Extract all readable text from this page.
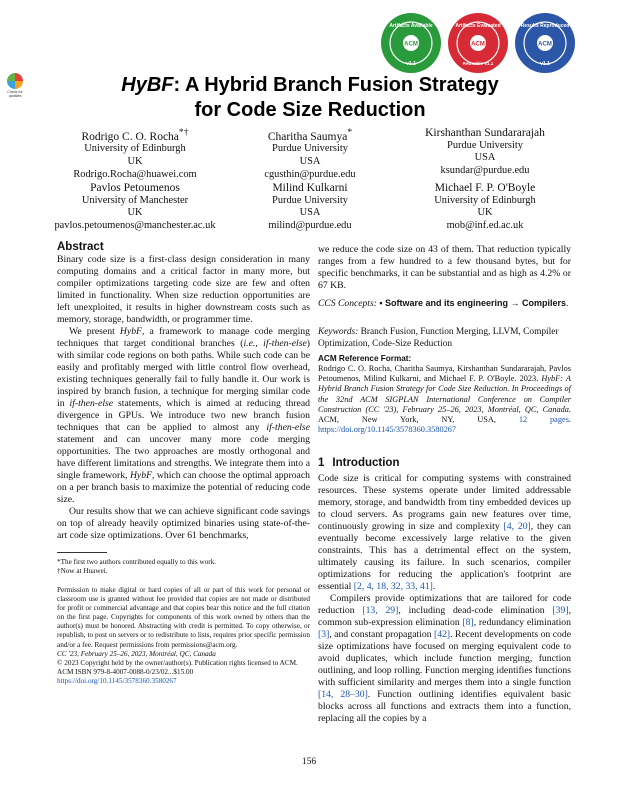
ACM
Artifacts Available
v1.1
ACM
Artifacts Evaluated
Reusable v1.1
ACM
Results Reproduced
v1.1
Check for
updates	HyBF: A Hybrid Branch Fusion Strategy
for Code Size Reduction
Rodrigo C. O. Rocha*†
University of Edinburgh
UK
Rodrigo.Rocha@huawei.com
Charitha Saumya*
Purdue University
USA
cgusthin@purdue.edu
Kirshanthan Sundararajah
Purdue University
USA
ksundar@purdue.edu
Pavlos Petoumenos
University of Manchester
UK
pavlos.petoumenos@manchester.ac.uk
Milind Kulkarni
Purdue University
USA
milind@purdue.edu
Michael F. P. O'Boyle
University of Edinburgh
UK
mob@inf.ed.ac.uk
Abstract

Binary code size is a first-class design consideration in many computing domains and a critical factor in many more, but compiler optimizations targeting code size are few and often limited in functionality. When size reduction opportunities are left unexploited, it results in higher downstream costs such as memory, storage, bandwidth, or programmer time.

We present HybF, a framework to manage code merging techniques that target conditional branches (i.e., if-then-else) with similar code regions on both paths. While such code can be easily and profitably merged with little control flow overhead, existing techniques generally fail to fully handle it. Our work is inspired by branch fusion, a technique for merging similar code in if-then-else statements, which is aimed at reducing thread divergence in GPUs. We introduce two new branch fusion techniques that can be applied to almost any if-then-else statement and can uncover many more code merging opportunities. The two approaches are mostly orthogonal and have different limitations and strengths. We integrate them into a single framework, HybF, which can choose the optimal approach on a per branch basis to maximize the potential of reducing code size.

Our results show that we can achieve significant code savings on top of already heavily optimized binaries using state-of-the-art code size optimizations. Over 61 benchmarks,

*The first two authors contributed equally to this work.
†Now at Huawei.
Permission to make digital or hard copies of all or part of this work for personal or classroom use is granted without fee provided that copies are not made or distributed for profit or commercial advantage and that copies bear this notice and the full citation on the first page. Copyrights for components of this work owned by others than the author(s) must be honored. Abstracting with credit is permitted. To copy otherwise, or republish, to post on servers or to redistribute to lists, requires prior specific permission and/or a fee. Request permissions from permissions@acm.org.
CC '23, February 25–26, 2023, Montréal, QC, Canada
© 2023 Copyright held by the owner/author(s). Publication rights licensed to ACM.
ACM ISBN 979-8-4007-0088-0/23/02...$15.00
https://doi.org/10.1145/3578360.3580267

we reduce the code size on 43 of them. That reduction typically ranges from a few hundred to a few thousand bytes, but for specific benchmarks, it can be substantial and as high as 4.2% or 67 KB.

CCS Concepts: • Software and its engineering → Compilers.
Keywords: Branch Fusion, Function Merging, LLVM, Compiler Optimization, Code-Size Reduction
ACM Reference Format:

Rodrigo C. O. Rocha, Charitha Saumya, Kirshanthan Sundararajah, Pavlos Petoumenos, Milind Kulkarni, and Michael F. P. O'Boyle. 2023. HybF: A Hybrid Branch Fusion Strategy for Code Size Reduction. In Proceedings of the 32nd ACM SIGPLAN International Conference on Compiler Construction (CC '23), February 25–26, 2023, Montréal, QC, Canada. ACM, New York, NY, USA, 12 pages. https://doi.org/10.1145/3578360.3580267

1 Introduction

Code size is critical for computing systems with constrained resources. These systems operate under limited addressable memory, storage, and bandwidth from tiny embedded devices up to cloud servers. As programs gain new features over time, continuously growing in size and complexity [4, 20], they can eventually become excessively large relative to the given constraints. This has a detrimental effect on the system, ultimately causing its failure. In such scenarios, compiler optimizations for reducing the application's footprint are essential [2, 4, 18, 32, 33, 41].

Compilers provide optimizations that are tailored for code reduction [13, 29], including dead-code elimination [39], common sub-expression elimination [8], redundancy elimination [3], and constant propagation [42]. Recent developments on code size optimizations have focused on merging equivalent code to avoid duplicates, which include function merging, function outlining, and loop rolling. Function merging identifies functions with sufficient similarity and merges them into a single function [14, 28–30]. Function outlining identifies equivalent basic blocks across all functions and extracts them into a function, replacing all the copies by a

156
